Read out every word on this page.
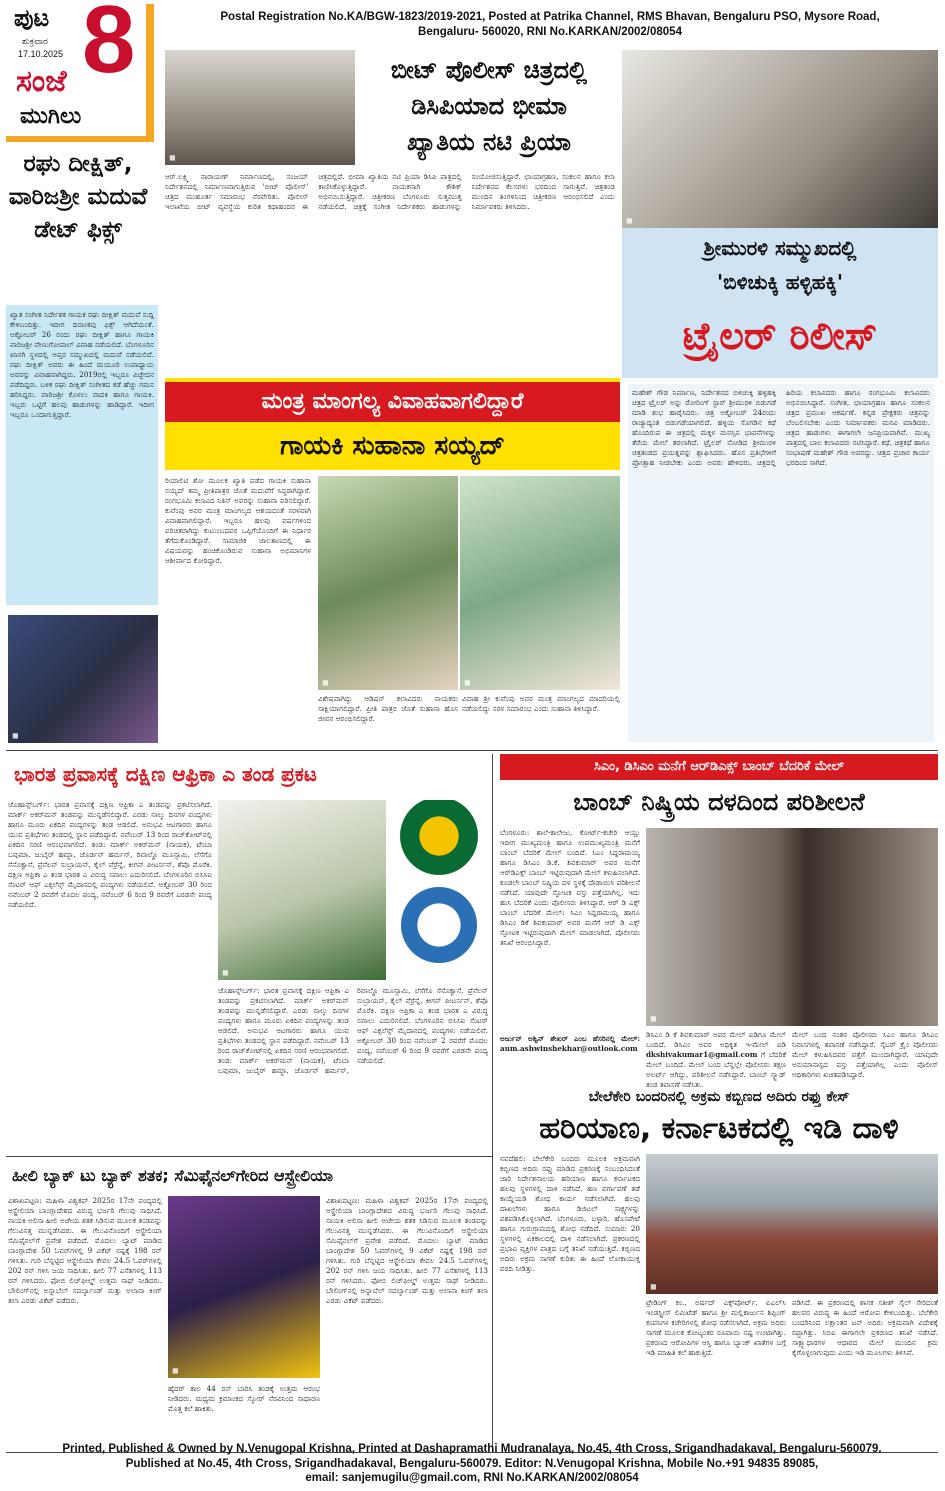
ಪುಟ 8
ಶುಕ್ರವಾರ
17.10.2025
ಸಂಜೆ
ಮುಗಿಲು
Postal Registration No.KA/BGW-1823/2019-2021, Posted at Patrika Channel, RMS Bhavan, Bengaluru PSO, Mysore Road,
Bengaluru- 560020, RNI No.KARKAN/2002/08054
ರಘು ದೀಕ್ಷಿತ್, ವಾರಿಜಶ್ರೀ ಮದುವೆ ಡೇಟ್ ಫಿಕ್ಸ್
ಖ್ಯಾತ ಸಂಗೀತ ನಿರ್ದೇಶಕ ಗಾಯಕ ರಘು ದೀಕ್ಷಿತ್ ಮದುವೆ ಸುದ್ದಿ ಕೇಳಿಬಂದಿತ್ತು. ಇದೀಗ ದಿನಾಂಕವು ಫಿಕ್ಸ್ ಆಗಿದೆಯಂತೆ. ಅಕ್ಟೋಬರ್ 26 ರಂದು ರಘು ದೀಕ್ಷಿತ್ ಹಾಗೂ ಗಾಯಕಿ ವಾರಿಜಶ್ರೀ ವೇಣುಗೋಪಾಲ್ ವಿವಾಹ ನಡೆಯಲಿದೆ. ಬೆಂಗಳೂರಿನ ಖಾಸಗಿ ಸ್ಥಳದಲ್ಲಿ ಆಪ್ತರ ಸಮ್ಮುಖದಲ್ಲಿ ಮದುವೆ ನಡೆಯಲಿದೆ. ರಘು ದೀಕ್ಷಿತ್ ಅವರು ಈ ಹಿಂದೆ ಮಯೂರಿ ಉಪಾಧ್ಯಾಯ ಅವರನ್ನು ವಿವಾಹವಾಗಿದ್ದರು. 2019ರಲ್ಲಿ ಇಬ್ಬರೂ ವಿಚ್ಛೇದನ ಪಡೆದಿದ್ದರು. ಬಳಿಕ ರಘು ದೀಕ್ಷಿತ್ ಸಂಗೀತದ ಕಡೆ ಹೆಚ್ಚು ಗಮನ ಹರಿಸಿದ್ದರು. ವಾರಿಜಶ್ರೀ ಕೊಳಲು ವಾದಕಿ ಹಾಗೂ ಗಾಯಕಿ. ಇಬ್ಬರು ಒಟ್ಟಿಗೆ ಹಲವು ಹಾಡುಗಳನ್ನು ಹಾಡಿದ್ದಾರೆ. ಇದೀಗ ಇಬ್ಬರೂ ಒಂದಾಗುತ್ತಿದ್ದಾರೆ.
◼
◼
ಬೀಟ್ ಪೊಲೀಸ್ ಚಿತ್ರದಲ್ಲಿ
ಡಿಸಿಪಿಯಾದ ಭೀಮಾ
ಖ್ಯಾತಿಯ ನಟಿ ಪ್ರಿಯಾ
ಆರ್.ಲಕ್ಷ್ಮಿ ನಾರಾಯಣ್ ನಿರ್ಮಾಣದಲ್ಲಿ, ಸಂಜಯ್ ನಿರ್ದೇಶನದಲ್ಲಿ ನಿರ್ಮಾಣವಾಗುತ್ತಿರುವ 'ಬೀಟ್ ಪೊಲೀಸ್' ಚಿತ್ರದ ಮುಹೂರ್ತ ಸಮಾರಂಭ ನೆರವೇರಿತು. ಪೊಲೀಸ್ ಇಲಾಖೆಯ ಬೀಟ್ ವ್ಯವಸ್ಥೆಯ ಕುರಿತ ಕಥಾಹಂದರ ಈ ಚಿತ್ರದಲ್ಲಿದೆ. ಭೀಮಾ ಖ್ಯಾತಿಯ ನಟಿ ಪ್ರಿಯಾ ಡಿಸಿಪಿ ಪಾತ್ರದಲ್ಲಿ ಕಾಣಿಸಿಕೊಳ್ಳುತ್ತಿದ್ದಾರೆ. ನಾಯಕನಾಗಿ ಕೌಶಿಕ್ ಅಭಿನಯಿಸುತ್ತಿದ್ದಾರೆ. ಚಿತ್ರೀಕರಣ ಬೆಂಗಳೂರು ಸುತ್ತಮುತ್ತ ನಡೆಯಲಿದೆ. ಚಿತ್ರಕ್ಕೆ ಸಂಗೀತ ನಿರ್ದೇಶಕರು ಹಾಡುಗಳನ್ನು ಸಂಯೋಜಿಸುತ್ತಿದ್ದಾರೆ. ಛಾಯಾಗ್ರಹಣ, ಸಂಕಲನ ಹಾಗೂ ಕಲಾ ನಿರ್ದೇಶನದ ಕೆಲಸಗಳು ಭರದಿಂದ ಸಾಗುತ್ತಿವೆ. ಚಿತ್ರತಂಡ ಮುಂದಿನ ತಿಂಗಳಿನಿಂದ ಚಿತ್ರೀಕರಣ ಆರಂಭಿಸಲಿದೆ ಎಂದು ನಿರ್ಮಾಪಕರು ತಿಳಿಸಿದರು.
◼
ಶ್ರೀಮುರಳಿ ಸಮ್ಮುಖದಲ್ಲಿ
'ಬಿಳಿಚುಕ್ಕಿ ಹಳ್ಳಿಹಕ್ಕಿ'
ಟ್ರೈಲರ್ ರಿಲೀಸ್
ಮಹೇಶ್ ಗೌಡ ನಿರ್ಮಾಣ, ನಿರ್ದೇಶನದ ಬಿಳಿಚುಕ್ಕಿ ಹಳ್ಳಿಹಕ್ಕಿ ಚಿತ್ರದ ಟ್ರೈಲರ್ ಅನ್ನು ರೋರಿಂಗ್ ಸ್ಟಾರ್ ಶ್ರೀಮುರಳಿ ಬಿಡುಗಡೆ ಮಾಡಿ ಶುಭ ಹಾರೈಸಿದರು. ಚಿತ್ರ ಅಕ್ಟೋಬರ್ 24ರಂದು ರಾಜ್ಯಾದ್ಯಂತ ಬಿಡುಗಡೆಯಾಗಲಿದೆ. ಹಳ್ಳಿಯ ಸೊಗಡಿನ ಕಥೆ ಹೊಂದಿರುವ ಈ ಚಿತ್ರದಲ್ಲಿ ಮಕ್ಕಳ ಮನಸ್ಸಿನ ಭಾವನೆಗಳನ್ನು ತೆರೆಯ ಮೇಲೆ ತರಲಾಗಿದೆ. ಟ್ರೈಲರ್ ನೋಡಿದ ಶ್ರೀಮುರಳಿ ಚಿತ್ರತಂಡದ ಪ್ರಯತ್ನವನ್ನು ಶ್ಲಾಘಿಸಿದರು. ಹೊಸ ಪ್ರತಿಭೆಗಳಿಗೆ ಪ್ರೋತ್ಸಾಹ ನೀಡಬೇಕು ಎಂದು ಅವರು ಹೇಳಿದರು. ಚಿತ್ರದಲ್ಲಿ ಹಿರಿಯ ಕಲಾವಿದರು ಹಾಗೂ ರಂಗಭೂಮಿ ಕಲಾವಿದರು ಅಭಿನಯಿಸಿದ್ದಾರೆ. ಸಂಗೀತ, ಛಾಯಾಗ್ರಹಣ ಹಾಗೂ ಸಂಕಲನ ಚಿತ್ರದ ಪ್ರಮುಖ ಆಕರ್ಷಣೆ. ಕನ್ನಡ ಪ್ರೇಕ್ಷಕರು ಚಿತ್ರವನ್ನು ಬೆಂಬಲಿಸಬೇಕು ಎಂದು ನಿರ್ಮಾಪಕರು ಮನವಿ ಮಾಡಿದರು. ಚಿತ್ರದ ಹಾಡುಗಳು ಈಗಾಗಲೇ ಜನಪ್ರಿಯವಾಗಿವೆ. ಮುಖ್ಯ ಪಾತ್ರದಲ್ಲಿ ಬಾಲ ಕಲಾವಿದರು ನಟಿಸಿದ್ದಾರೆ. ಕಥೆ, ಚಿತ್ರಕಥೆ ಹಾಗೂ ಸಂಭಾಷಣೆ ಮಹೇಶ್ ಗೌಡ ಅವರದ್ದು. ಚಿತ್ರದ ಪ್ರಚಾರ ಕಾರ್ಯ ಭರದಿಂದ ಸಾಗಿದೆ.
ಮಂತ್ರ ಮಾಂಗಲ್ಯ ವಿವಾಹವಾಗಲಿದ್ದಾರೆ
ಗಾಯಕಿ ಸುಹಾನಾ ಸಯ್ಯದ್
ರಿಯಾಲಿಟಿ ಶೋ ಮೂಲಕ ಖ್ಯಾತಿ ಪಡೆದ ಗಾಯಕಿ ಸುಹಾನಾ ಸಯ್ಯದ್ ತಮ್ಮ ಪ್ರೀತಿಪಾತ್ರರ ಜೊತೆ ಮದುವೆಗೆ ಸಿದ್ಧರಾಗಿದ್ದಾರೆ. ರಂಗಭೂಮಿ ಕಲಾವಿದ ನಿತಿನ್ ಅವರನ್ನು ಸುಹಾನಾ ವರಿಸಲಿದ್ದಾರೆ. ಕುವೆಂಪು ಅವರ ಮಂತ್ರ ಮಾಂಗಲ್ಯದ ಆಶಯದಂತೆ ಸರಳವಾಗಿ ವಿವಾಹವಾಗಲಿದ್ದಾರೆ. ಇಬ್ಬರೂ ಹಲವು ವರ್ಷಗಳಿಂದ ಪರಿಚಿತರಾಗಿದ್ದು ಕುಟುಂಬದವರ ಒಪ್ಪಿಗೆಯೊಂದಿಗೆ ಈ ನಿರ್ಧಾರ ತೆಗೆದುಕೊಂಡಿದ್ದಾರೆ. ಸಾಮಾಜಿಕ ಜಾಲತಾಣದಲ್ಲಿ ಈ ವಿಷಯವನ್ನು ಹಂಚಿಕೊಂಡಿರುವ ಸುಹಾನಾ ಅಭಿಮಾನಿಗಳ ಆಶೀರ್ವಾದ ಕೋರಿದ್ದಾರೆ.
◼	◼
ವಿಶೇಷವಾಗಿದ್ದು ಆಡಿಷನ್ ಕಲಾವಿದರು ನಾಯಕರು ಸಾಕ್ಷಿಯಾಗಲಿದ್ದಾರೆ. ಪ್ರೀತಿ ಪಾತ್ರರ ಜೊತೆ ಸುಹಾನಾ ಹೊಸ ಜೀವನ ಆರಂಭಿಸಲಿದ್ದಾರೆ.
ವಿವಾಹ ಶ್ರೀ ಕುವೆಂಪು ಅವರ ಮಂತ್ರ ಮಾಂಗಲ್ಯದ ಮಾದರಿಯಲ್ಲಿ ನಡೆಯಲಿದ್ದು ಸರಳ ಸಮಾರಂಭ ಎಂದು ಸುಹಾನಾ ತಿಳಿಸಿದ್ದಾರೆ.
ಭಾರತ ಪ್ರವಾಸಕ್ಕೆ ದಕ್ಷಿಣ ಆಫ್ರಿಕಾ ಎ ತಂಡ ಪ್ರಕಟ
ಜೊಹಾನ್ಸ್‌ಬರ್ಗ್: ಭಾರತ ಪ್ರವಾಸಕ್ಕೆ ದಕ್ಷಿಣ ಆಫ್ರಿಕಾ ಎ ತಂಡವನ್ನು ಪ್ರಕಟಿಸಲಾಗಿದೆ. ಮಾರ್ಕ್ ಅಕರ್‌ಮನ್ ತಂಡವನ್ನು ಮುನ್ನಡೆಸಲಿದ್ದಾರೆ. ಎರಡು ನಾಲ್ಕು ದಿನಗಳ ಪಂದ್ಯಗಳು ಹಾಗೂ ಮೂರು ಏಕದಿನ ಪಂದ್ಯಗಳನ್ನು ತಂಡ ಆಡಲಿದೆ. ಅನುಭವಿ ಆಟಗಾರರು ಹಾಗೂ ಯುವ ಪ್ರತಿಭೆಗಳು ತಂಡದಲ್ಲಿ ಸ್ಥಾನ ಪಡೆದಿದ್ದಾರೆ. ನವೆಂಬರ್ 13 ರಿಂದ ರಾಜ್‌ಕೋಟ್‌ನಲ್ಲಿ ಏಕದಿನ ಸರಣಿ ಆರಂಭವಾಗಲಿದೆ. ತಂಡ: ಮಾರ್ಕ್ ಅಕರ್‌ಮನ್ (ನಾಯಕ), ಟೆಂಬಾ ಬವುಮಾ, ಜುಬೈರ್ ಹಮ್ಜಾ, ಜೊರ್ಡನ್ ಹರ್ಮನ್, ರಿವಾಲ್ಡೊ ಮೂನ್ಸಾಮಿ, ಲೆಸೆಗೊ ಸೆನೊಕ್ವಾನೆ, ಪ್ರೆನೆಲನ್ ಸುಬ್ರಾಯನ್, ಕೈಲ್ ವೆರ್ರೆನ್ನೆ, ಕೀಗನ್ ಪೀಟರ್ಸನ್, ಶೆಪೊ ಮೊರೆಕಿ. ದಕ್ಷಿಣ ಆಫ್ರಿಕಾ ಎ ತಂಡ ಭಾರತ ಎ ವಿರುದ್ಧ ಸವಾಲು ಎದುರಿಸಲಿದೆ. ಬೆಂಗಳೂರಿನ ಬಿಸಿಸಿಐ ಸೆಂಟರ್ ಆಫ್ ಎಕ್ಸಲೆನ್ಸ್ ಮೈದಾನದಲ್ಲಿ ಪಂದ್ಯಗಳು ನಡೆಯಲಿವೆ. ಅಕ್ಟೋಬರ್ 30 ರಿಂದ ನವೆಂಬರ್ 2 ರವರೆಗೆ ಮೊದಲ ಪಂದ್ಯ, ನವೆಂಬರ್ 6 ರಿಂದ 9 ರವರೆಗೆ ಎರಡನೇ ಪಂದ್ಯ ನಡೆಯಲಿದೆ.
◼
ಜೊಹಾನ್ಸ್‌ಬರ್ಗ್: ಭಾರತ ಪ್ರವಾಸಕ್ಕೆ ದಕ್ಷಿಣ ಆಫ್ರಿಕಾ ಎ ತಂಡವನ್ನು ಪ್ರಕಟಿಸಲಾಗಿದೆ. ಮಾರ್ಕ್ ಅಕರ್‌ಮನ್ ತಂಡವನ್ನು ಮುನ್ನಡೆಸಲಿದ್ದಾರೆ. ಎರಡು ನಾಲ್ಕು ದಿನಗಳ ಪಂದ್ಯಗಳು ಹಾಗೂ ಮೂರು ಏಕದಿನ ಪಂದ್ಯಗಳನ್ನು ತಂಡ ಆಡಲಿದೆ. ಅನುಭವಿ ಆಟಗಾರರು ಹಾಗೂ ಯುವ ಪ್ರತಿಭೆಗಳು ತಂಡದಲ್ಲಿ ಸ್ಥಾನ ಪಡೆದಿದ್ದಾರೆ. ನವೆಂಬರ್ 13 ರಿಂದ ರಾಜ್‌ಕೋಟ್‌ನಲ್ಲಿ ಏಕದಿನ ಸರಣಿ ಆರಂಭವಾಗಲಿದೆ. ತಂಡ: ಮಾರ್ಕ್ ಅಕರ್‌ಮನ್ (ನಾಯಕ), ಟೆಂಬಾ ಬವುಮಾ, ಜುಬೈರ್ ಹಮ್ಜಾ, ಜೊರ್ಡನ್ ಹರ್ಮನ್, ರಿವಾಲ್ಡೊ ಮೂನ್ಸಾಮಿ, ಲೆಸೆಗೊ ಸೆನೊಕ್ವಾನೆ, ಪ್ರೆನೆಲನ್ ಸುಬ್ರಾಯನ್, ಕೈಲ್ ವೆರ್ರೆನ್ನೆ, ಕೀಗನ್ ಪೀಟರ್ಸನ್, ಶೆಪೊ ಮೊರೆಕಿ. ದಕ್ಷಿಣ ಆಫ್ರಿಕಾ ಎ ತಂಡ ಭಾರತ ಎ ವಿರುದ್ಧ ಸವಾಲು ಎದುರಿಸಲಿದೆ. ಬೆಂಗಳೂರಿನ ಬಿಸಿಸಿಐ ಸೆಂಟರ್ ಆಫ್ ಎಕ್ಸಲೆನ್ಸ್ ಮೈದಾನದಲ್ಲಿ ಪಂದ್ಯಗಳು ನಡೆಯಲಿವೆ. ಅಕ್ಟೋಬರ್ 30 ರಿಂದ ನವೆಂಬರ್ 2 ರವರೆಗೆ ಮೊದಲ ಪಂದ್ಯ, ನವೆಂಬರ್ 6 ರಿಂದ 9 ರವರೆಗೆ ಎರಡನೇ ಪಂದ್ಯ ನಡೆಯಲಿದೆ.
ಹೀಲಿ ಬ್ಯಾಕ್ ಟು ಬ್ಯಾಕ್ ಶತಕ; ಸೆಮಿಫೈನಲ್‌ಗೇರಿದ ಆಸ್ಟ್ರೇಲಿಯಾ
ವಿಶಾಖಪಟ್ಟಣ: ಮಹಿಳಾ ವಿಶ್ವಕಪ್ 2025ರ 17ನೇ ಪಂದ್ಯದಲ್ಲಿ ಆಸ್ಟ್ರೇಲಿಯಾ ಬಾಂಗ್ಲಾದೇಶದ ವಿರುದ್ಧ ಭರ್ಜರಿ ಗೆಲುವು ಸಾಧಿಸಿದೆ. ನಾಯಕಿ ಅಲಿಸಾ ಹೀಲಿ ಅಜೇಯ ಶತಕ ಸಿಡಿಸುವ ಮೂಲಕ ತಂಡವನ್ನು ಗೆಲುವಿನತ್ತ ಮುನ್ನಡೆಸಿದರು. ಈ ಗೆಲುವಿನೊಂದಿಗೆ ಆಸ್ಟ್ರೇಲಿಯಾ ಸೆಮಿಫೈನಲ್‌ಗೆ ಪ್ರವೇಶ ಪಡೆದಿದೆ. ಮೊದಲು ಬ್ಯಾಟ್ ಮಾಡಿದ ಬಾಂಗ್ಲಾದೇಶ 50 ಓವರ್‌ಗಳಲ್ಲಿ 9 ವಿಕೆಟ್ ನಷ್ಟಕ್ಕೆ 198 ರನ್ ಗಳಿಸಿತು. ಗುರಿ ಬೆನ್ನಟ್ಟಿದ ಆಸ್ಟ್ರೇಲಿಯಾ ಕೇವಲ 24.5 ಓವರ್‌ಗಳಲ್ಲಿ 202 ರನ್ ಗಳಿಸಿ ಜಯ ಸಾಧಿಸಿತು. ಹೀಲಿ 77 ಎಸೆತಗಳಲ್ಲಿ 113 ರನ್ ಗಳಿಸಿದರು. ಫೋಬಿ ಲಿಚ್‌ಫೀಲ್ಡ್ ಉತ್ತಮ ಸಾಥ್ ನೀಡಿದರು. ಬೌಲಿಂಗ್‌ನಲ್ಲಿ ಅನ್ನಾಬೆಲ್ ಸದರ್ಲ್ಯಾಂಡ್ ಮತ್ತು ಅಲಾನಾ ಕಿಂಗ್ ತಲಾ ಎರಡು ವಿಕೆಟ್ ಪಡೆದರು.
◼
ಹೈದರ್ ಕಾಲ 44 ರನ್ ಬಾರಿಸಿ ತಂಡಕ್ಕೆ ಉತ್ತಮ ಆರಂಭ ನೀಡಿದರು. ಮಧ್ಯಮ ಕ್ರಮಾಂಕದ ಸ್ಕೋರ್ ನೆರವಿನಿಂದ ಸಾಧಾರಣ ಮೊತ್ತ ಕಲೆ ಹಾಕಿತು.
ವಿಶಾಖಪಟ್ಟಣ: ಮಹಿಳಾ ವಿಶ್ವಕಪ್ 2025ರ 17ನೇ ಪಂದ್ಯದಲ್ಲಿ ಆಸ್ಟ್ರೇಲಿಯಾ ಬಾಂಗ್ಲಾದೇಶದ ವಿರುದ್ಧ ಭರ್ಜರಿ ಗೆಲುವು ಸಾಧಿಸಿದೆ. ನಾಯಕಿ ಅಲಿಸಾ ಹೀಲಿ ಅಜೇಯ ಶತಕ ಸಿಡಿಸುವ ಮೂಲಕ ತಂಡವನ್ನು ಗೆಲುವಿನತ್ತ ಮುನ್ನಡೆಸಿದರು. ಈ ಗೆಲುವಿನೊಂದಿಗೆ ಆಸ್ಟ್ರೇಲಿಯಾ ಸೆಮಿಫೈನಲ್‌ಗೆ ಪ್ರವೇಶ ಪಡೆದಿದೆ. ಮೊದಲು ಬ್ಯಾಟ್ ಮಾಡಿದ ಬಾಂಗ್ಲಾದೇಶ 50 ಓವರ್‌ಗಳಲ್ಲಿ 9 ವಿಕೆಟ್ ನಷ್ಟಕ್ಕೆ 198 ರನ್ ಗಳಿಸಿತು. ಗುರಿ ಬೆನ್ನಟ್ಟಿದ ಆಸ್ಟ್ರೇಲಿಯಾ ಕೇವಲ 24.5 ಓವರ್‌ಗಳಲ್ಲಿ 202 ರನ್ ಗಳಿಸಿ ಜಯ ಸಾಧಿಸಿತು. ಹೀಲಿ 77 ಎಸೆತಗಳಲ್ಲಿ 113 ರನ್ ಗಳಿಸಿದರು. ಫೋಬಿ ಲಿಚ್‌ಫೀಲ್ಡ್ ಉತ್ತಮ ಸಾಥ್ ನೀಡಿದರು. ಬೌಲಿಂಗ್‌ನಲ್ಲಿ ಅನ್ನಾಬೆಲ್ ಸದರ್ಲ್ಯಾಂಡ್ ಮತ್ತು ಅಲಾನಾ ಕಿಂಗ್ ತಲಾ ಎರಡು ವಿಕೆಟ್ ಪಡೆದರು.
ಸಿಎಂ, ಡಿಸಿಎಂ ಮನೆಗೆ ಆರ್‌ಡಿಎಕ್ಸ್ ಬಾಂಬ್ ಬೆದರಿಕೆ ಮೇಲ್
ಬಾಂಬ್ ನಿಷ್ಕ್ರಿಯ ದಳದಿಂದ ಪರಿಶೀಲನೆ
ಬೆಂಗಳೂರು: ಶಾಲೆ-ಕಾಲೇಜು, ಕೋರ್ಟ್-ಕಚೇರಿ ಆಯ್ತು ಇದೀಗ ಮುಖ್ಯಮಂತ್ರಿ ಹಾಗೂ ಉಪಮುಖ್ಯಮಂತ್ರಿ ಮನೆಗೆ ಬಾಂಬ್ ಬೆದರಿಕೆ ಮೇಲ್ ಬಂದಿದೆ. ಸಿಎಂ ಸಿದ್ದರಾಮಯ್ಯ ಹಾಗೂ ಡಿಸಿಎಂ ಡಿ.ಕೆ. ಶಿವಕುಮಾರ್ ಅವರ ಮನೆಗೆ ಆರ್‌ಡಿಎಕ್ಸ್ ಬಾಂಬ್ ಇಟ್ಟಿರುವುದಾಗಿ ಮೇಲ್ ಕಳುಹಿಸಲಾಗಿದೆ. ಕೂಡಲೇ ಬಾಂಬ್ ನಿಷ್ಕ್ರಿಯ ದಳ ಸ್ಥಳಕ್ಕೆ ದೌಡಾಯಿಸಿ ಪರಿಶೀಲನೆ ನಡೆಸಿದೆ. ಯಾವುದೇ ಸ್ಫೋಟಕ ವಸ್ತು ಪತ್ತೆಯಾಗಿಲ್ಲ. ಇದು ಹುಸಿ ಬೆದರಿಕೆ ಎಂದು ಪೊಲೀಸರು ತಿಳಿಸಿದ್ದಾರೆ. ಆರ್ ಡಿ ಎಕ್ಸ್ ಬಾಂಬ್ ಬೆದರಿಕೆ ಮೇಲ್: ಸಿಎಂ ಸಿದ್ದರಾಮಯ್ಯ ಹಾಗೂ ಡಿಸಿಎಂ ಡಿಕೆ ಶಿವಕುಮಾರ್ ಅವರ ಮನೆಗೆ ಆರ್ ಡಿ ಎಕ್ಸ್ ಸ್ಫೋಟಕ ಇಟ್ಟಿರುವುದಾಗಿ ಮೇಲ್ ಮಾಡಲಾಗಿದೆ. ಪೊಲೀಸರು ತನಿಖೆ ಆರಂಭಿಸಿದ್ದಾರೆ.
◼
ಅರ್ಜುನ್ ಅಶ್ವಿನ್ ಶೇಖರ್ ಎಂಬ ಹೆಸರಿನಲ್ಲಿ ಮೇಲ್: aum.ashwinshekhar@outlook.com
ಡಿಸಿಎಂ ಡಿ ಕೆ ಶಿವಕುಮಾರ್ ಅವರ ಮೇಲ್ ಐಡಿಗೂ ಮೇಲ್ ಬಂದಿದೆ. ಡಿಸಿಎಂ ಅವರ ಅಧಿಕೃತ ಇ-ಮೇಲ್ ಐಡಿ dkshivakumar1@gmail.com ಗೆ ಬೆದರಿಕೆ ಮೇಲ್ ಬಂದಿದೆ. ಮೇಲ್ ಬಂದ ಬೆನ್ನಲ್ಲೇ ಪೊಲೀಸರು ತಕ್ಷಣ ಅಲರ್ಟ್ ಆಗಿದ್ದು, ಪರಿಶೀಲನೆ ನಡೆಸಿದ್ದಾರೆ. ಬಾಂಬ್ ಸ್ಕ್ವಾಡ್ ತಂಡ ತಪಾಸಣೆ ನಡೆಸಿತು.
ಮೇಲ್ ಬಂದ ನಂತರ ಪೊಲೀಸರು ಸಿಎಂ ಹಾಗೂ ಡಿಸಿಎಂ ನಿವಾಸಗಳಲ್ಲಿ ತಪಾಸಣೆ ನಡೆಸಿದ್ದಾರೆ. ಸೈಬರ್ ಕ್ರೈಂ ಪೊಲೀಸರು ಮೇಲ್ ಕಳುಹಿಸಿದವರ ಪತ್ತೆಗೆ ಮುಂದಾಗಿದ್ದಾರೆ. ಯಾವುದೇ ಅನುಮಾನಾಸ್ಪದ ವಸ್ತು ಪತ್ತೆಯಾಗಿಲ್ಲ ಎಂದು ಪೊಲೀಸ್ ಅಧಿಕಾರಿಗಳು ಖಚಿತಪಡಿಸಿದ್ದಾರೆ.
ಬೇಲೆಕೇರಿ ಬಂದರಿನಲ್ಲಿ ಅಕ್ರಮ ಕಬ್ಬಿಣದ ಅದಿರು ರಫ್ತು ಕೇಸ್
ಹರಿಯಾಣ, ಕರ್ನಾಟಕದಲ್ಲಿ ಇಡಿ ದಾಳಿ
ನವದೆಹಲಿ: ಬೇಲೆಕೇರಿ ಬಂದರು ಮೂಲಕ ಅಕ್ರಮವಾಗಿ ಕಬ್ಬಿಣದ ಅದಿರು ರಫ್ತು ಮಾಡಿದ ಪ್ರಕರಣಕ್ಕೆ ಸಂಬಂಧಿಸಿದಂತೆ ಜಾರಿ ನಿರ್ದೇಶನಾಲಯ ಹರಿಯಾಣ ಹಾಗೂ ಕರ್ನಾಟಕದ ಹಲವು ಸ್ಥಳಗಳಲ್ಲಿ ದಾಳಿ ನಡೆಸಿದೆ. ಹಣ ವರ್ಗಾವಣೆ ತಡೆ ಕಾಯ್ದೆಯಡಿ ಶೋಧ ಕಾರ್ಯ ನಡೆಸಲಾಗಿದೆ. ಹಲವು ದಾಖಲೆಗಳು ಹಾಗೂ ಡಿಜಿಟಲ್ ಸಾಕ್ಷ್ಯಗಳನ್ನು ವಶಪಡಿಸಿಕೊಳ್ಳಲಾಗಿದೆ. ಬೆಂಗಳೂರು, ಬಳ್ಳಾರಿ, ಹೊಸಪೇಟೆ ಹಾಗೂ ಗುರುಗ್ರಾಮದಲ್ಲಿ ಶೋಧ ನಡೆದಿದೆ. ಸುಮಾರು 20 ಸ್ಥಳಗಳಲ್ಲಿ ಏಕಕಾಲದಲ್ಲಿ ದಾಳಿ ನಡೆಸಲಾಗಿದೆ. ಪ್ರಕರಣದಲ್ಲಿ ಪ್ರಭಾವಿ ವ್ಯಕ್ತಿಗಳ ಪಾತ್ರದ ಬಗ್ಗೆ ತನಿಖೆ ನಡೆಯುತ್ತಿದೆ. ಕಬ್ಬಿಣದ ಅದಿರು ಅಕ್ರಮ ಸಾಗಣೆ ಕುರಿತು ಈ ಹಿಂದೆ ಲೋಕಾಯುಕ್ತ ವರದಿ ನೀಡಿತ್ತು.
◼
ಟ್ರೇಡಿಂಗ್ ಕಂ., ಅರ್ಷದ್ ಎಕ್ಸ್‌ಪೋರ್ಟ್, ಐಎಲ್‌ಸಿ ಇಂಡಸ್ಟ್ರೀಸ್ ಲಿಮಿಟೆಡ್ ಹಾಗೂ ಶ್ರೀ ಮಲ್ಲಿಕಾರ್ಜುನ ಶಿಪ್ಪಿಂಗ್ ಕಂಪನಿಗಳ ಕಚೇರಿಗಳಲ್ಲಿ ಶೋಧ ನಡೆಸಲಾಗಿದೆ. ಅಕ್ರಮ ಅದಿರು ಸಾಗಣೆ ಮೂಲಕ ಕೋಟ್ಯಂತರ ರೂಪಾಯಿ ನಷ್ಟ ಉಂಟಾಗಿತ್ತು. ಪ್ರಕರಣದ ಆರೋಪಿಗಳ ಆಸ್ತಿ ಹಾಗೂ ಬ್ಯಾಂಕ್ ಖಾತೆಗಳ ಬಗ್ಗೆ ಇಡಿ ಮಾಹಿತಿ ಕಲೆ ಹಾಕುತ್ತಿದೆ.
ಪಡಿಸಿದೆ. ಈ ಪ್ರಕರಣದಲ್ಲಿ ಶಾಸಕ ಸತೀಶ್ ಸೈಲ್ ಸೇರಿದಂತೆ ಹಲವರ ವಿರುದ್ಧ ಈ ಹಿಂದೆ ಆರೋಪ ಕೇಳಿಬಂದಿತ್ತು. ಬೆಲೆಕೇರಿ ಬಂದರಿನಿಂದ ಲಕ್ಷಾಂತರ ಟನ್ ಅದಿರು ಅಕ್ರಮವಾಗಿ ವಿದೇಶಕ್ಕೆ ರಫ್ತಾಗಿತ್ತು. ಸಿಬಿಐ ಈಗಾಗಲೇ ಪ್ರಕರಣದ ತನಿಖೆ ನಡೆಸಿದೆ. ಸಾಕ್ಷ್ಯಾಧಾರಗಳ ಆಧಾರದ ಮೇಲೆ ಮುಂದಿನ ಕ್ರಮ ಕೈಗೊಳ್ಳಲಾಗುವುದು ಎಂದು ಇಡಿ ಮೂಲಗಳು ತಿಳಿಸಿವೆ.
Printed, Published & Owned by N.Venugopal Krishna, Printed at Dashapramathi Mudranalaya, No.45, 4th Cross, Srigandhadakaval, Bengaluru-560079.
Published at No.45, 4th Cross, Srigandhadakaval, Bengaluru-560079. Editor: N.Venugopal Krishna, Mobile No.+91 94835 89085,
email: sanjemugilu@gmail.com, RNI No.KARKAN/2002/08054
